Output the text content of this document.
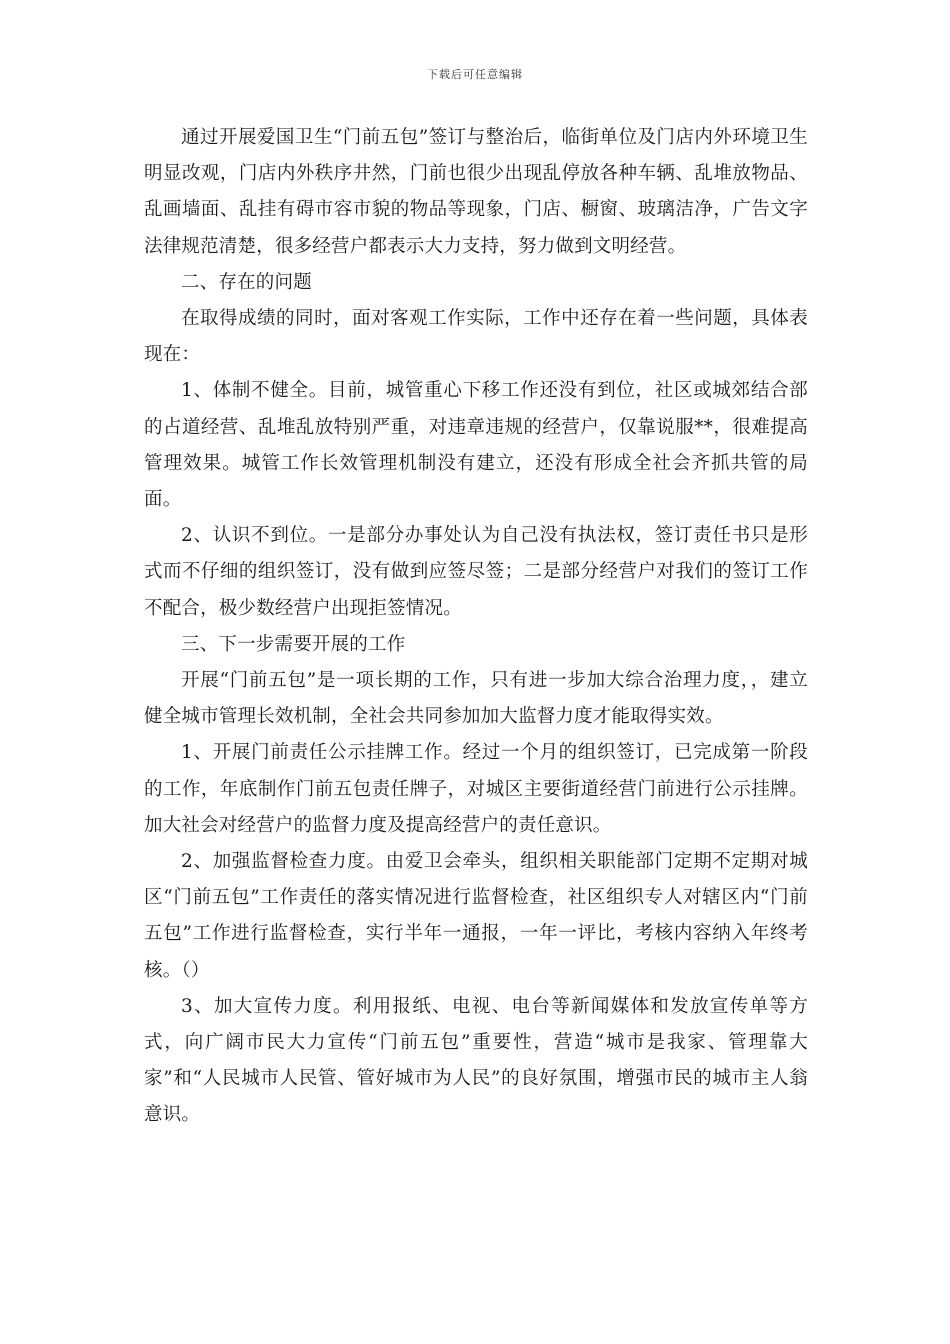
下载后可任意编辑

通过开展爱国卫生“门前五包”签订与整治后，临街单位及门店内外环境卫生明显改观，门店内外秩序井然，门前也很少出现乱停放各种车辆、乱堆放物品、乱画墙面、乱挂有碍市容市貌的物品等现象，门店、橱窗、玻璃洁净，广告文字法律规范清楚，很多经营户都表示大力支持，努力做到文明经营。

二、存在的问题

在取得成绩的同时，面对客观工作实际，工作中还存在着一些问题，具体表现在：

1、体制不健全。目前，城管重心下移工作还没有到位，社区或城郊结合部的占道经营、乱堆乱放特别严重，对违章违规的经营户，仅靠说服**，很难提高管理效果。城管工作长效管理机制没有建立，还没有形成全社会齐抓共管的局面。

2、认识不到位。一是部分办事处认为自己没有执法权，签订责任书只是形式而不仔细的组织签订，没有做到应签尽签；二是部分经营户对我们的签订工作不配合，极少数经营户出现拒签情况。

三、下一步需要开展的工作

开展“门前五包”是一项长期的工作，只有进一步加大综合治理力度，，建立健全城市管理长效机制，全社会共同参加加大监督力度才能取得实效。

1、开展门前责任公示挂牌工作。经过一个月的组织签订，已完成第一阶段的工作，年底制作门前五包责任牌子，对城区主要街道经营门前进行公示挂牌。加大社会对经营户的监督力度及提高经营户的责任意识。

2、加强监督检查力度。由爱卫会牵头，组织相关职能部门定期不定期对城区“门前五包”工作责任的落实情况进行监督检查，社区组织专人对辖区内“门前五包”工作进行监督检查，实行半年一通报，一年一评比，考核内容纳入年终考核。（）

3、加大宣传力度。利用报纸、电视、电台等新闻媒体和发放宣传单等方式，向广阔市民大力宣传“门前五包”重要性，营造“城市是我家、管理靠大家”和“人民城市人民管、管好城市为人民”的良好氛围，增强市民的城市主人翁意识。
